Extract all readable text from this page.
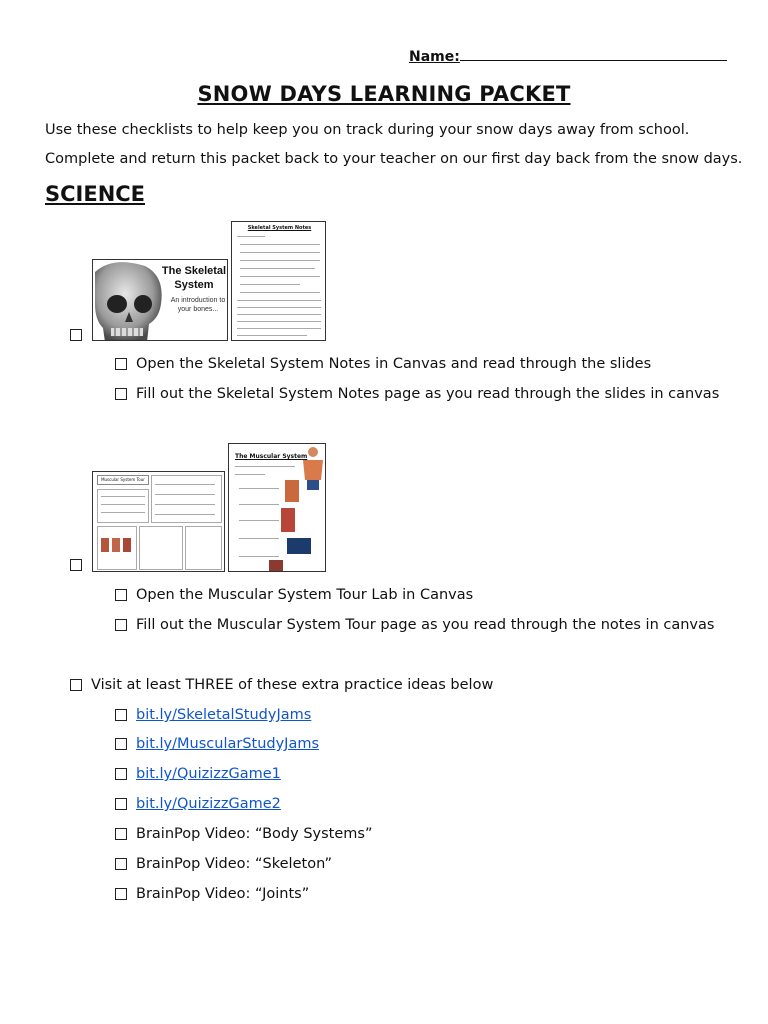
Name:
SNOW DAYS LEARNING PACKET
Use these checklists to help keep you on track during your snow days away from school.
Complete and return this packet back to your teacher on our first day back from the snow days.
SCIENCE
The Skeletal System
An introduction to your bones...
Skeletal System Notes
Open the Skeletal System Notes in Canvas and read through the slides
Fill out the Skeletal System Notes page as you read through the slides in canvas
Muscular System Tour
The Muscular System
Open the Muscular System Tour Lab in Canvas
Fill out the Muscular System Tour page as you read through the notes in canvas
Visit at least THREE of these extra practice ideas below
bit.ly/SkeletalStudyJams
bit.ly/MuscularStudyJams
bit.ly/QuizizzGame1
bit.ly/QuizizzGame2
BrainPop Video: “Body Systems”
BrainPop Video: “Skeleton”
BrainPop Video: “Joints”
